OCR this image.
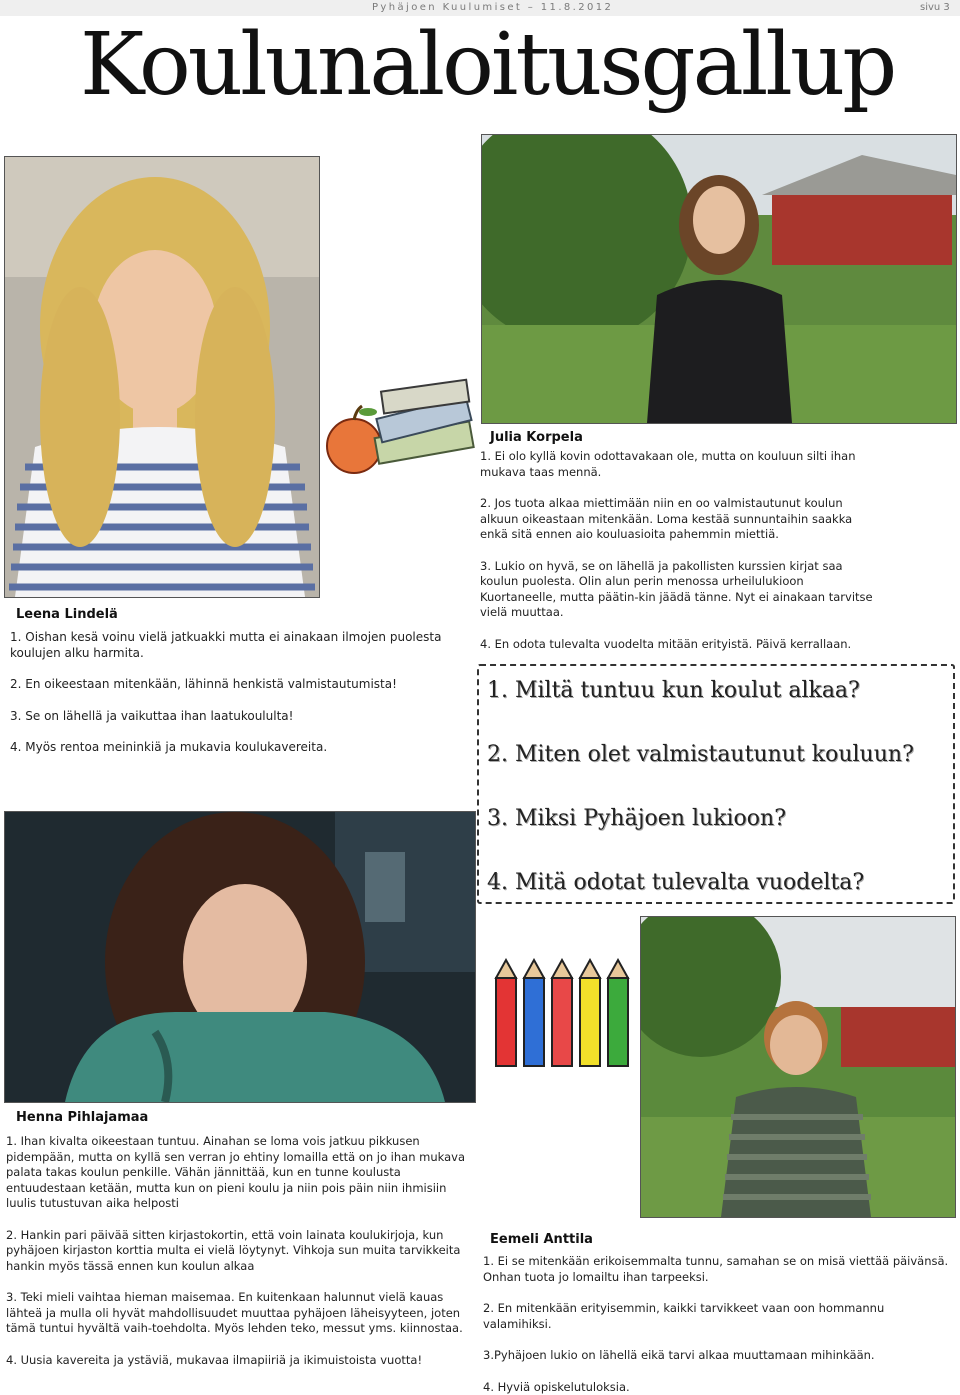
Pyhäjoen Kuulumiset – 11.8.2012	sivu 3
Koulunaloitusgallup
Julia Korpela

1. Ei olo kyllä kovin odottavakaan ole, mutta on kouluun silti ihan mukava taas mennä.

2. Jos tuota alkaa miettimään niin en oo valmistautunut koulun alkuun oikeastaan mitenkään. Loma kestää sunnuntaihin saakka enkä sitä ennen aio kouluasioita pahemmin miettiä.

3. Lukio on hyvä, se on lähellä ja pakollisten kurssien kirjat saa koulun puolesta. Olin alun perin menossa urheilulukioon Kuortaneelle, mutta päätin-kin jäädä tänne. Nyt ei ainakaan tarvitse vielä muuttaa.

4. En odota tulevalta vuodelta mitään erityistä. Päivä kerrallaan.

Leena Lindelä

1. Oishan kesä voinu vielä jatkuakki mutta ei ainakaan ilmojen puolesta koulujen alku harmita.

2. En oikeestaan mitenkään, lähinnä henkistä valmistautumista!

3. Se on lähellä ja vaikuttaa ihan laatukoululta!

4. Myös rentoa meininkiä ja mukavia koulukavereita.

1. Miltä tuntuu kun koulut alkaa?
2. Miten olet valmistautunut kouluun?
3. Miksi Pyhäjoen lukioon?
4. Mitä odotat tulevalta vuodelta?
Henna Pihlajamaa

1. Ihan kivalta oikeestaan tuntuu. Ainahan se loma vois jatkuu pikkusen pidempään, mutta on kyllä sen verran jo ehtiny lomailla että on jo ihan mukava palata takas koulun penkille. Vähän jännittää, kun en tunne koulusta entuudestaan ketään, mutta kun on pieni koulu ja niin pois päin niin ihmisiin luulis tutustuvan aika helposti

2. Hankin pari päivää sitten kirjastokortin, että voin lainata koulukirjoja, kun pyhäjoen kirjaston korttia multa ei vielä löytynyt. Vihkoja sun muita tarvikkeita hankin myös tässä ennen kun koulun alkaa

3. Teki mieli vaihtaa hieman maisemaa. En kuitenkaan halunnut vielä kauas lähteä ja mulla oli hyvät mahdollisuudet muuttaa pyhäjoen läheisyyteen, joten tämä tuntui hyvältä vaih-toehdolta. Myös lehden teko, messut yms. kiinnostaa.

4. Uusia kavereita ja ystäviä, mukavaa ilmapiiriä ja ikimuistoista vuotta!

Eemeli Anttila

1. Ei se mitenkään erikoisemmalta tunnu, samahan se on misä viettää päivänsä. Onhan tuota jo lomailtu ihan tarpeeksi.

2. En mitenkään erityisemmin, kaikki tarvikkeet vaan oon hommannu valamihiksi.

3.Pyhäjoen lukio on lähellä eikä tarvi alkaa muuttamaan mihinkään.

4. Hyviä opiskelutuloksia.
